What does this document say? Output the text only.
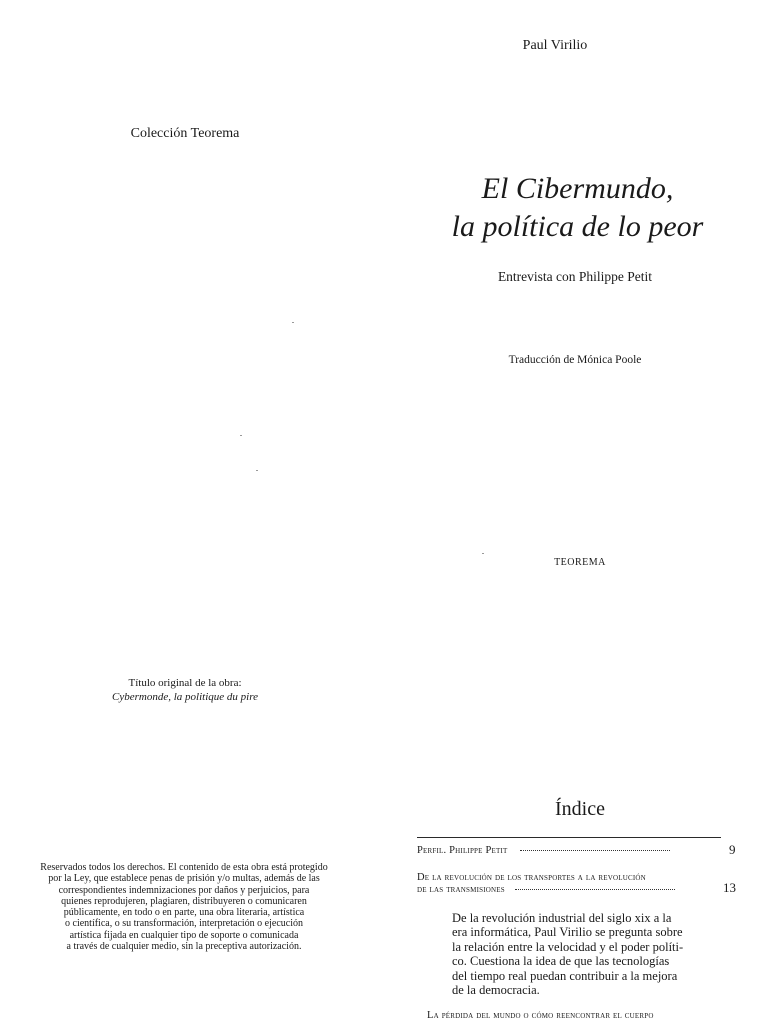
Colección Teorema
Título original de la obra:
Cybermonde, la politique du pire
Reservados todos los derechos. El contenido de esta obra está protegido
por la Ley, que establece penas de prisión y/o multas, además de las
correspondientes indemnizaciones por daños y perjuicios, para
quienes reprodujeren, plagiaren, distribuyeren o comunicaren
públicamente, en todo o en parte, una obra literaria, artística
o científica, o su transformación, interpretación o ejecución
artística fijada en cualquier tipo de soporte o comunicada
a través de cualquier medio, sin la preceptiva autorización.
Paul Virilio
El Cibermundo,
la política de lo peor
Entrevista con Philippe Petit
Traducción de Mónica Poole
TEOREMA
Índice
Perfil. Philippe Petit	9
De la revolución de los transportes a la revolución
de las transmisiones	13
De la revolución industrial del siglo xix a la
era informática, Paul Virilio se pregunta sobre
la relación entre la velocidad y el poder políti-
co. Cuestiona la idea de que las tecnologías
del tiempo real puedan contribuir a la mejora
de la democracia.
La pérdida del mundo o cómo reencontrar el cuerpo
